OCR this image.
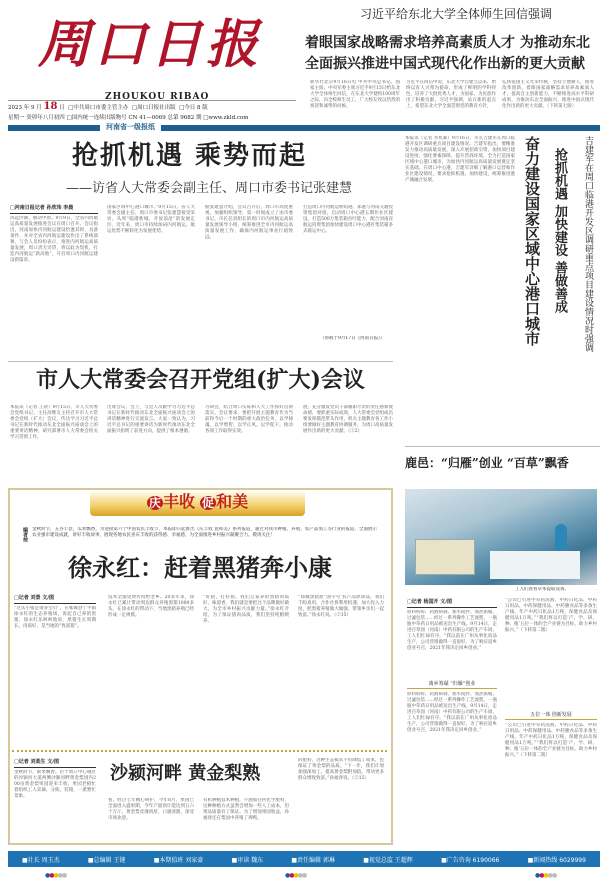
周口日报
ZHOUKOU RIBAO
2023 年 9 月 18 日 □中共周口市委主管主办 □周口日报社出版 □今日 8 版
星期一 癸卯年八月初四 □国内统一连续出版物号 CN 41—0069 总第 9682 期 □www.zkld.com
习近平给东北大学全体师生回信强调
着眼国家战略需求培养高素质人才 为推动东北
全面振兴推进中国式现代化作出新的更大贡献
新华社北京9月16日电 中共中央总书记、国家主席、中央军委主席习近平9月15日给东北大学全体师生回信，在东北大学建校100周年之际，向全校师生员工、广大校友致以热烈的祝贺和诚挚的问候。
习近平在回信中说，东北大学自建立以来，始终以育人兴邦为使命，形成了鲜明的学科特色，培养了大批优秀人才，为国家、为民族作出了积极贡献。习近平强调，站在新的起点上，希望东北大学全面贯彻党的教育方针，
弘扬爱国主义光荣传统，坚持立德树人，推进改革创新，着眼国家战略需求培养高素质人才，提高自主创新能力，不断推进高水平科研成果，为推动东北全面振兴，推进中国式现代化作出新的更大贡献。（下转第七版）
河南省一级报纸
抢抓机遇 乘势而起
——访省人大常委会副主任、周口市委书记张建慧
□河南日报记者 孙欣玮 李晨
风起沙颍，舸动中原。9月9日，全省内河航运高质量发展推进会议在周口召开。会议指出，河南加快内河航运建设恰逢其时，具备条件，并对全省内河航运建设作出了系统部署。与会人员纷纷表示，推进内河航运高质量发展，周口责无旁贷，将以此为契机，打造内河航运“新高地”，开启周口内河航运建设新篇章。
国家区域中心港口城市。”9月15日，省人大常委会副主任、周口市委书记张建慧接受采访。从周“临港新城、开放前沿”的发展定位，近年来，周口市持续加码内河航运，航运优势不断转化为发展优势。
据张建慧介绍，会议召开后，周口市高度重视，加强组织领导，第一时间成立了由市委书记、市长任双组长的周口市内河航运高质量发展领导小组，统筹推进全市内河航运高质量发展工作，确保内河航运事业行稳致远。
打造周口内河航运枢纽港。郑港与河南交通投资集团对接，启动周口中心港五期作业区建设，打造500万集装箱吞吐能力，配合河南省航运投资集团加快建设周口中心港区集装箱多式联运中心。
（原载于9月17日《河南日报》）
本报讯（记者 李兆素）9月16日，市长吉建军在周口临港开发区调研重点项目建设情况。吉建军指出，要精准发力推动高质量发展，深入开展招商引资，加快项目建设进度，强化要素保障，提升营商环境，全力打造国家区域中心港口城市，为加快内河航运高质量发展奠定坚实基础。在周口中心港，吉建军详细了解港口运营和作业区建设情况，要求抢抓机遇、加快建设，统筹推进港产城融合发展。	奋力建设国家区域中心港口城市 抢抓机遇 加快建设 善做善成	吉建军在周口临港开发区调研重点项目建设情况时强调
市人大常委会召开党组(扩大)会议
本报讯（记者 王晨）9月15日，市人大常委会党组书记、主任高继友主持召开市人大常委会党组（扩大）会议，传达学习习近平总书记在新时代推动东北全面振兴座谈会上的重要讲话精神，研究部署市人大常委会机关学习贯彻工作。
出席会议。会上，与会人员跟学习习近平总书记在新时代推动东北全面振兴座谈会上的讲话精神进行交流发言。大家一致认为，习近平总书记的重要讲话为新时代推动东北全面振兴指明了前进方向，提供了根本遵循。
习研会，结合周口实际和人大工作抓好贯彻落实。会议要求，要把开展主题教育作为当前和今后一个时期的重大政治任务，以学铸魂、以学增智、以学正风、以学促干，推动各项工作取得实效。
展，充分激发党员干部履职尽责的责任感和使命感，要抓重实际成效，人大常委会党组成员要发挥模范带头作用，机关主题教育各工作小组要做好主题教育协调服务，为周口高质量发展作出新的更大贡献。（②2）
庆 丰收 促 和美
编者按 金秋时节，五谷丰登，瓜果飘香。为迎接第六个中国农民丰收节，本报即日起推出《庆丰收 促和美》系列报道，通过对我市种植、养殖、农产品加工等行业的报道，全面展示农业强市建设成就，讲好丰收故事，展现各地农民喜庆丰收的获得感、幸福感，为全面推进乡村振兴凝聚合力。敬请关注！
徐永红：赶着黑猪奔小康
□记者 刘景 文/图
“这头小猪是诸多宝贝”，在郸城县宁平镇徐永红的生态养殖场，说起自己养的黑猪，徐永红乐呵呵地说，黑猪生长周期长、肉质好，是当地的“致富猪”。
技术全都免费传授给老乡。20多年来，徐永红已累计带动周边群众养殖黑猪1000多头，在徐永红的带动下，当地黑猪养殖已经形成一定规模。
“好猪，打好猪，我们自家养的黑猪肉质好，味道香，我们就是要把这个品牌做好做大，为全市乡村振兴贡献力量。”徐永红介绍，为了保证猪肉品质，我们坚持纯粮喂养。
“郑城黑猪原”国字号‘农产品原锋品，我们千盼真用，合作社将利用机遇，加大投入力度，把黑猪养殖做大做强，带领乡亲们一起致富。”徐永红说。（②15）
沙颍河畔 黄金梨熟
□记者 刘柔生 文/图
金秋时节，硕果飘香。位于周口中心城区的沙颍河大道两侧沙颍河畔黄金梨园内200亩黄金梨果园迎来丰收，果园老板忙着组织工人采摘、分拣、装箱，一派繁忙景象。
看，经过七年精心呵护，今年8月，果园已全面进入盛果期，今年产量预计能达到五六十万斤。黄金梨皮薄肉厚，口感清甜，深受市场欢迎。
有机种植技术种植，不施加任何化学肥料，这种种植方式虽然会增加一些人工成本，但果品质量有了保证。为了增加果园收益，孙福春还在梨园中养殖了鸡鸭。
的肥料，这种生态模式不但降低了成本，也保证了黄金梨的品质。“下一步，我们计划加强深加工，提高黄金梨附加值，带动更多群众增收致富。”孙福春说。（②15）
鹿邑：“归雁”创业 “百草”飘香
工人们查看草本提取设备。
□记者 杨国开 文/图
原料粉碎、药液研制、加水搅拌、加热浓缩、过滤包装……经过一系列操作工艺流程，一瓶瓶中草药日用品被送出生产线。9月14日，走进百草园（河南）中药有限公司的生产车间，工人们忙碌有序。“我以前在广州从事化妆品生产，公司营销做得一直很好，为了响应返乡创业号召，2021年我决定回乡创业。”
离乡筹谋 “归雁”创业
原料粉碎、药液研制、加水搅拌、加热浓缩、过滤包装……经过一系列操作工艺流程，一瓶瓶中草药日用品被送出生产线。9月14日，走进百草园（河南）中药有限公司的生产车间，工人们忙碌有序。“我以前在广州从事化妆品生产，公司营销做得一直很好，为了响应返乡创业号召，2021年我决定回乡创业。”
“公司已引进中草药洗液、中药日化品、中药日用品、中药保健用品、中药膳食品等多条生产线，年产中药日化品1万吨，保健食品及保健用品1万吨。”“我们将以打造‘产、学、研、种、植’五位一体的全产业链为目标，助力乡村振兴。”（下转第二版）
五位一体 创新发展
“公司已引进中草药洗液、中药日化品、中药日用品、中药保健用品、中药膳食品等多条生产线，年产中药日化品1万吨，保健食品及保健用品1万吨。”“我们将以打造‘产、学、研、种、植’五位一体的全产业链为目标，助力乡村振兴。”（下转第二版）
■社长 周玉杰	■总编辑 王键	■本期值班 刘家豪	■审读 魏东	■责任编辑 郭琳	■视觉总监 王超辉	■广告咨询 6190066	■新闻热线 6029999
●●●●●	●●●●●	●●●●●
